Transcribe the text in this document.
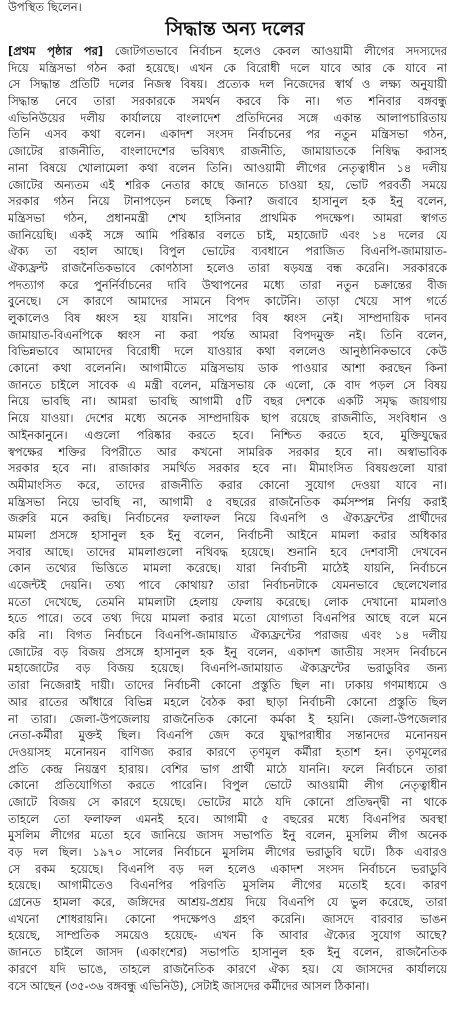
উপস্থিত ছিলেন।
সিদ্ধান্ত অন্য দলের
[প্রথম পৃষ্ঠার পর] জোটগতভাবে নির্বাচন হলেও কেবল আওয়ামী লীগের সদস্যদের
দিয়ে মন্ত্রিসভা গঠন করা হয়েছে। এখন কে বিরোধী দলে যাবে আর কে যাবে না
সে সিদ্ধান্ত প্রতিটি দলের নিজস্ব বিষয়। প্রত্যেক দল নিজেদের স্বার্থ ও লক্ষ্য অনুযায়ী
সিদ্ধান্ত নেবে তারা সরকারকে সমর্থন করবে কি না। গত শনিবার বঙ্গবন্ধু
এভিনিউয়ের দলীয় কার্যালয়ে বাংলাদেশ প্রতিদিনের সঙ্গে একান্ত আলাপচারিতায়
তিনি এসব কথা বলেন। একাদশ সংসদ নির্বাচনের পর নতুন মন্ত্রিসভা গঠন,
জোটের রাজনীতি, বাংলাদেশের ভবিষ্যৎ রাজনীতি, জামায়াতকে নিষিদ্ধ করাসহ
নানা বিষয়ে খোলামেলা কথা বলেন তিনি। আওয়ামী লীগের নেতৃত্বাধীন ১৪ দলীয়
জোটের অন্যতম এই শরিক নেতার কাছে জানতে চাওয়া হয়, ভোট পরবর্তী সময়ে
সরকার গঠন নিয়ে টানাপড়েন চলছে কিনা? জবাবে হাসানুল হক ইনু বলেন,
মন্ত্রিসভা গঠন, প্রধানমন্ত্রী শেখ হাসিনার প্রাথমিক পদক্ষেপ। আমরা স্বাগত
জানিয়েছি। একই সঙ্গে আমি পরিষ্কার বলতে চাই, মহাজোট এবং ১৪ দলের যে
ঐক্য তা বহাল আছে। বিপুল ভোটের ব্যবধানে পরাজিত বিএনপি-জামায়াত-
ঐক্যফ্রন্ট রাজনৈতিকভাবে কোণঠাসা হলেও তারা ষড়যন্ত্র বন্ধ করেনি। সরকারকে
পদত্যাগ করে পুনর্নির্বাচনের দাবি উত্থাপনের মধ্যে তারা নতুন চক্রান্তের বীজ
বুনেছে। সে কারণে আমাদের সামনে বিপদ কাটেনি। তাড়া খেয়ে সাপ গর্তে
লুকালেও বিষ ধ্বংস হয় যায়নি। সাপের বিষ ধ্বংস নেই। সাম্প্রদায়িক দানব
জামায়াত-বিএনপিকে ধ্বংস না করা পর্যন্ত আমরা বিপদমুক্ত নই। তিনি বলেন,
বিভিন্নভাবে আমাদের বিরোধী দলে যাওয়ার কথা বললেও আনুষ্ঠানিকভাবে কেউ
কোনো কথা বলেননি। আগামীতে মন্ত্রিসভায় ডাক পাওয়ার আশা করছেন কিনা
জানতে চাইলে সাবেক এ মন্ত্রী বলেন, মন্ত্রিসভায় কে এলো, কে বাদ পড়ল সে বিষয়
নিয়ে ভাবছি না। আমরা ভাবছি আগামী ৫টি বছর দেশকে একটি সমৃদ্ধ জায়গায়
নিয়ে যাওয়া। দেশের মধ্যে অনেক সাম্প্রদায়িক ছাপ রয়েছে রাজনীতি, সংবিধান ও
আইনকানুনে। এগুলো পরিষ্কার করতে হবে। নিশ্চিত করতে হবে, মুক্তিযুদ্ধের
স্বপক্ষের শক্তির বিপরীতে আর কখনো সামরিক সরকার হবে না। অস্বাভাবিক
সরকার হবে না। রাজাকার সমর্থিত সরকার হবে না। মীমাংসিত বিষয়গুলো যারা
অমীমাংসিত করে, তাদের রাজনীতি করার কোনো সুযোগ দেওয়া যাবে না।
মন্ত্রিসভা নিয়ে ভাবছি না, আগামী ৫ বছরের রাজনৈতিক কর্মসম্পন্ন নির্ণয় করাই
জরুরি মনে করছি। নির্বাচনের ফলাফল নিয়ে বিএনপি ও ঐক্যফ্রন্টের প্রার্থীদের
মামলা প্রসঙ্গে হাসানুল হক ইনু বলেন, নির্বাচনী আইনে মামলা করার অধিকার
সবার আছে। তাদের মামলাগুলো নথিবদ্ধ হয়েছে। শুনানি হবে দেশবাসী দেখবেন
কোন তথ্যের ভিত্তিতে মামলা করেছে। যারা নির্বাচনী মাঠেই যায়নি, নির্বাচনে
এজেন্টই দেয়নি। তথ্য পাবে কোথায়? তারা নির্বাচনটাকে যেমনভাবে ছেলেখেলার
মতো দেখেছে, তেমনি মামলাটা হেলায় ফেলায় করেছে। লোক দেখানো মামলাও
হতে পারে। তবে তথ্য দিয়ে মামলা করার মতো যোগ্যতা বিএনপির আছে বলে মনে
করি না। বিগত নির্বাচনে বিএনপি-জামায়াত ঐক্যফ্রন্টের পরাজয় এবং ১৪ দলীয়
জোটের বড় বিজয় প্রসঙ্গে হাসানুল হক ইনু বলেন, একাদশ জাতীয় সংসদ নির্বাচনে
মহাজোটের বড় বিজয় হয়েছে। বিএনপি-জামায়াত ঐক্যফ্রন্টের ভরাডুবির জন্য
তারা নিজেরাই দায়ী। তাদের নির্বাচনী কোনো প্রস্তুতি ছিল না। ঢাকায় গণমাধ্যমে ও
আর রাতের আঁধারে বিভিন্ন মহলে বৈঠক করা ছাড়া নির্বাচনী কোনো প্রস্তুতি ছিল
না তারা। জেলা-উপজেলায় রাজনৈতিক কোনো কর্মকা ই হয়নি। জেলা-উপজেলার
নেতা-কর্মীরা মুক্তই ছিল। বিএনপি জেদ করে যুদ্ধাপরাধীর সন্তানদের মনোনয়ন
দেওয়াসহ মনোনয়ন বাণিজ্য করার কারণে তৃণমূল কর্মীরা হতাশ হন। তৃণমূলের
প্রতি কেন্দ্র নিয়ন্ত্রণ হারায়। বেশির ভাগ প্রার্থী মাঠে যাননি। ফলে নির্বাচনে তারা
কোনো প্রতিযোগিতা করতে পারেনি। বিপুল ভোটে আওয়ামী লীগ নেতৃত্বাধীন
জোটে বিজয় সে কারণে হয়েছে। ভোটের মাঠে যদি কোনো প্রতিদ্বন্দ্বী না থাকে
তাহলে তো ফলাফল এমনই হবে। আগামী ৫ বছরের মধ্যে বিএনপির অবস্থা
মুসলিম লীগের মতো হবে জানিয়ে জাসদ সভাপতি ইনু বলেন, মুসলিম লীগ অনেক
বড় দল ছিল। ১৯৭০ সালের নির্বাচনে মুসলিম লীগের ভরাডুবি ঘটে। ঠিক এবারও
সে রকম হয়েছে। বিএনপি বড় দল হলেও একাদশ সংসদ নির্বাচনে ভরাডুবি
হয়েছে। আগামীতেও বিএনপির পরিণতি মুসলিম লীগের মতোই হবে। কারণ
গ্রেনেড হামলা করে, জঙ্গিদের আশ্রয়-প্রশ্রয় দিয়ে বিএনপি যে ভুল করেছে, তারা
এখনো শোধরায়নি। কোনো পদক্ষেপও গ্রহণ করেনি। জাসদে বারবার ভাঙন
হয়েছে, সাম্প্রতিক সময়েও হয়েছে- এখন কি আবার ঐক্যের সুযোগ আছে?
জানতে চাইলে জাসদ (একাংশের) সভাপতি হাসানুল হক ইনু বলেন, রাজনৈতিক
কারণে যদি ভাঙে, তাহলে রাজনৈতিক কারণে ঐক্য হয়। যে জাসদের কার্যালয়ে
বসে আছেন (৩৫-৩৬ বঙ্গবন্ধু এভিনিউ), সেটাই জাসদের কর্মীদের আসল ঠিকানা।
